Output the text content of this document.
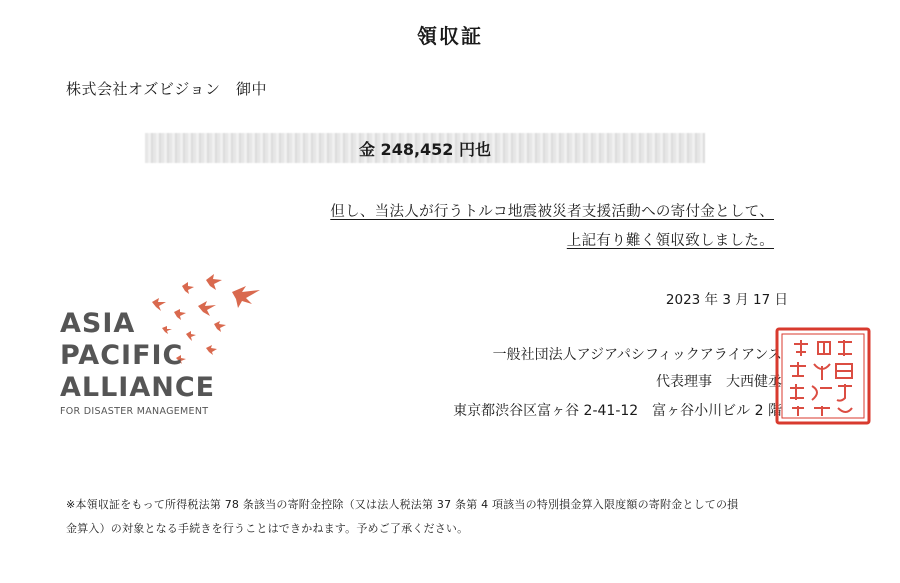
領収証
株式会社オズビジョン　御中
金 248,452 円也
但し、当法人が行うトルコ地震被災者支援活動への寄付金として、
上記有り難く領収致しました。
2023 年 3 月 17 日
ASIA
PACIFIC
ALLIANCE
FOR DISASTER MANAGEMENT
一般社団法人アジアパシフィックアライアンス
代表理事　大西健丞
東京都渋谷区富ヶ谷 2-41-12　富ヶ谷小川ビル 2 階
※本領収証をもって所得税法第 78 条該当の寄附金控除（又は法人税法第 37 条第 4 項該当の特別損金算入限度額の寄附金としての損
金算入）の対象となる手続きを行うことはできかねます。予めご了承ください。
